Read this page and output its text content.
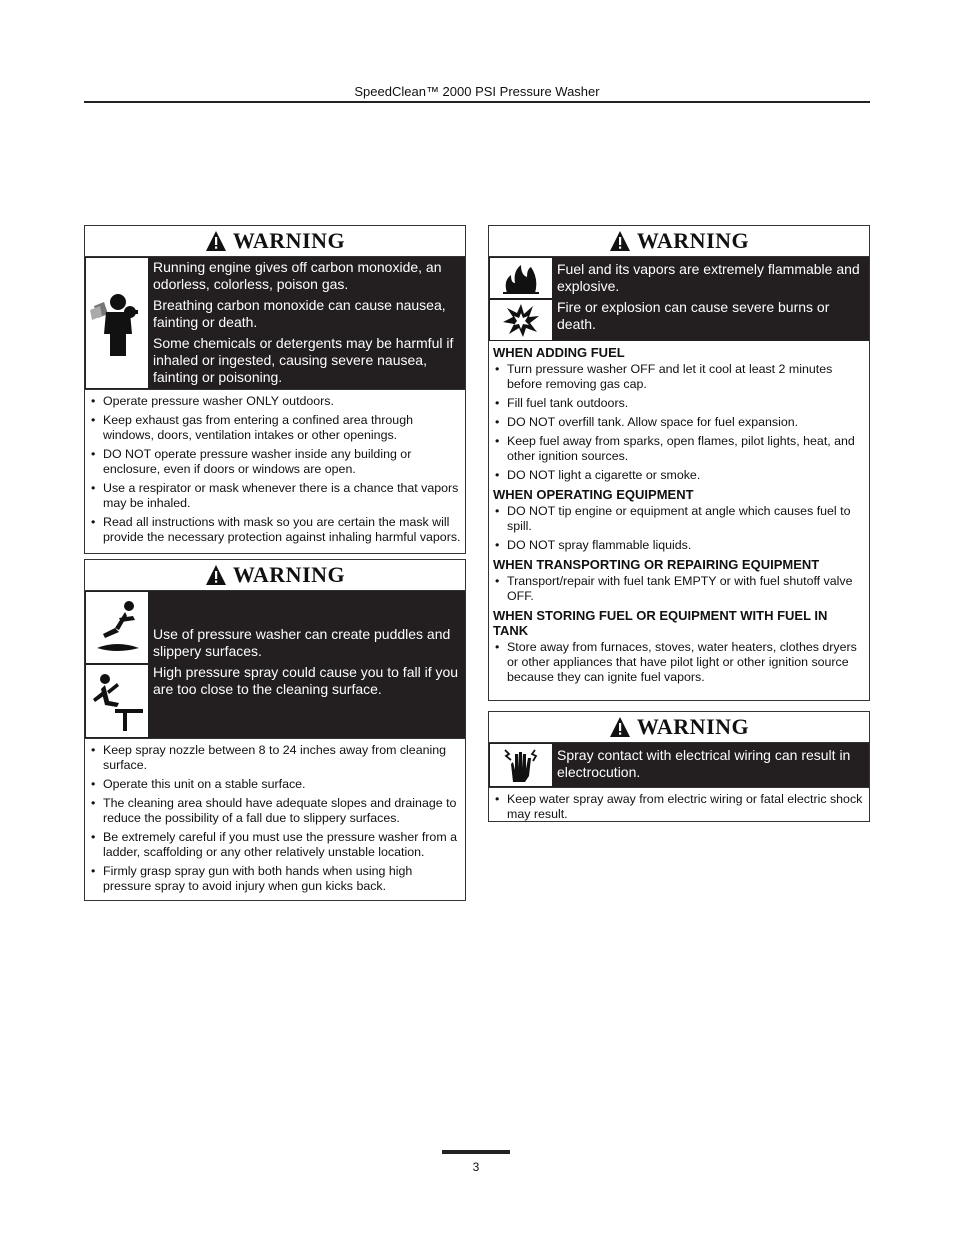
SpeedClean™ 2000 PSI Pressure Washer
WARNING

Running engine gives off carbon monoxide, an odorless, colorless, poison gas.

Breathing carbon monoxide can cause nausea, fainting or death.

Some chemicals or detergents may be harmful if inhaled or ingested, causing severe nausea, fainting or poisoning.

• Operate pressure washer ONLY outdoors.
• Keep exhaust gas from entering a confined area through windows, doors, ventilation intakes or other openings.
• DO NOT operate pressure washer inside any building or enclosure, even if doors or windows are open.
• Use a respirator or mask whenever there is a chance that vapors may be inhaled.
• Read all instructions with mask so you are certain the mask will provide the necessary protection against inhaling harmful vapors.
WARNING

Use of pressure washer can create puddles and slippery surfaces.

High pressure spray could cause you to fall if you are too close to the cleaning surface.

• Keep spray nozzle between 8 to 24 inches away from cleaning surface.
• Operate this unit on a stable surface.
• The cleaning area should have adequate slopes and drainage to reduce the possibility of a fall due to slippery surfaces.
• Be extremely careful if you must use the pressure washer from a ladder, scaffolding or any other relatively unstable location.
• Firmly grasp spray gun with both hands when using high pressure spray to avoid injury when gun kicks back.
WARNING

Fuel and its vapors are extremely flammable and explosive.

Fire or explosion can cause severe burns or death.

WHEN ADDING FUEL
• Turn pressure washer OFF and let it cool at least 2 minutes before removing gas cap.
• Fill fuel tank outdoors.
• DO NOT overfill tank. Allow space for fuel expansion.
• Keep fuel away from sparks, open flames, pilot lights, heat, and other ignition sources.
• DO NOT light a cigarette or smoke.
WHEN OPERATING EQUIPMENT
• DO NOT tip engine or equipment at angle which causes fuel to spill.
• DO NOT spray flammable liquids.
WHEN TRANSPORTING OR REPAIRING EQUIPMENT
• Transport/repair with fuel tank EMPTY or with fuel shutoff valve OFF.
WHEN STORING FUEL OR EQUIPMENT WITH FUEL IN TANK
• Store away from furnaces, stoves, water heaters, clothes dryers or other appliances that have pilot light or other ignition source because they can ignite fuel vapors.
WARNING

Spray contact with electrical wiring can result in electrocution.

• Keep water spray away from electric wiring or fatal electric shock may result.
3
